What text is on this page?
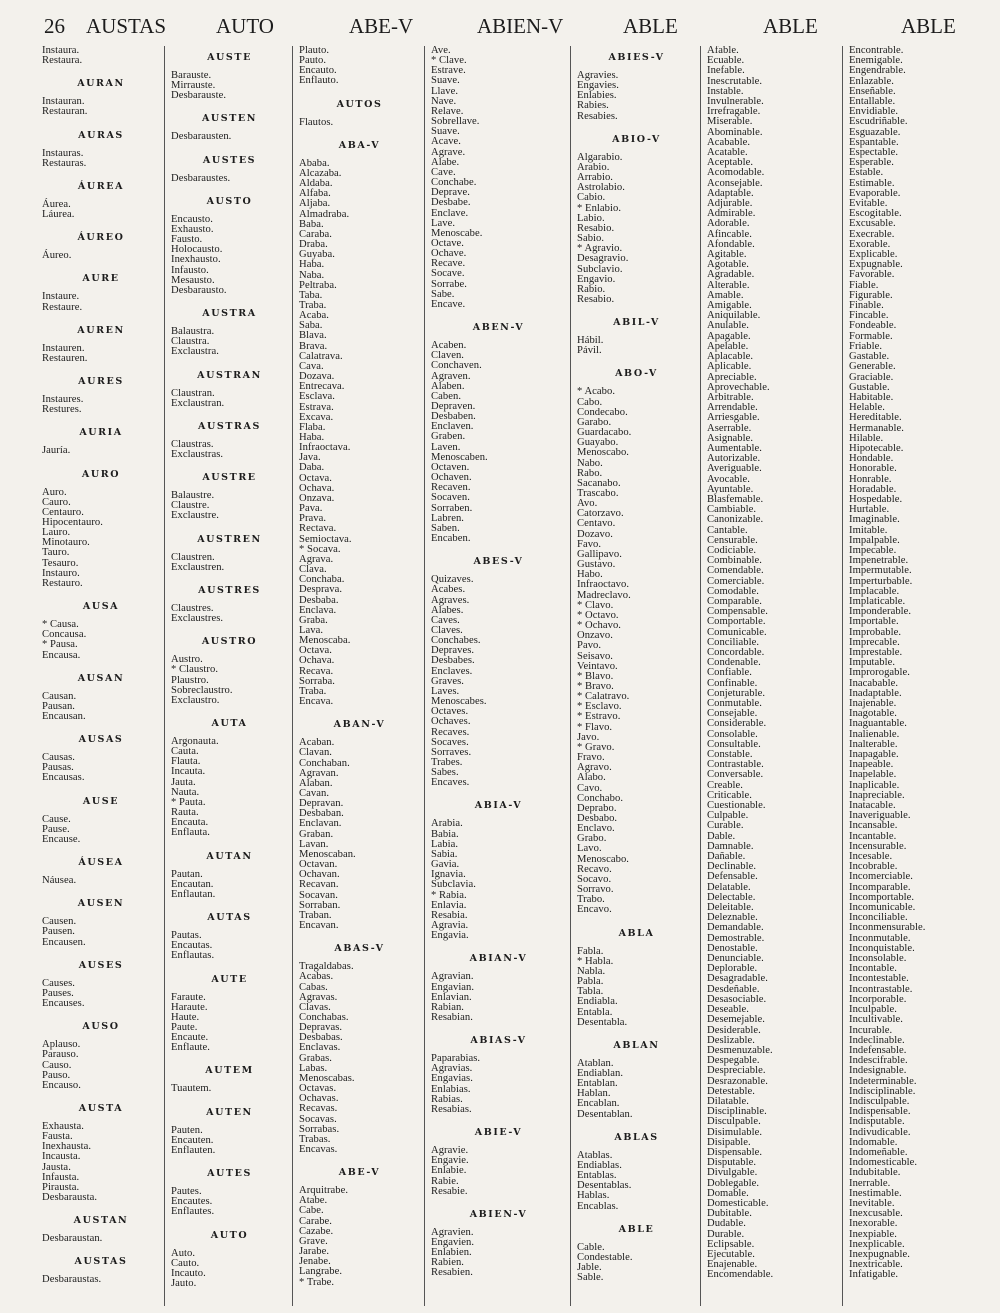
26 AUSTAS AUTO	ABE-V	ABIEN-V	ABLE	ABLE	ABLE
Instaura.
Restaura.
AURAN
Instauran.
Restauran.
AURAS
Instauras.
Restauras.
ÁUREA
Áurea.
Láurea.
ÁUREO
Áureo.
AURE
Instaure.
Restaure.
AUREN
Instauren.
Restauren.
AURES
Instaures.
Restures.
AURIA
Jauría.
AURO
Auro.
Cauro.
Centauro.
Hipocentauro.
Lauro.
Minotauro.
Tauro.
Tesauro.
Instauro.
Restauro.
AUSA
* Causa.
Concausa.
* Pausa.
Encausa.
AUSAN
Causan.
Pausan.
Encausan.
AUSAS
Causas.
Pausas.
Encausas.
AUSE
Cause.
Pause.
Encause.
ÁUSEA
Náusea.
AUSEN
Causen.
Pausen.
Encausen.
AUSES
Causes.
Pauses.
Encauses.
AUSO
Aplauso.
Parauso.
Causo.
Pauso.
Encauso.
AUSTA
Exhausta.
Fausta.
Inexhausta.
Incausta.
Jausta.
Infausta.
Pirausta.
Desbarausta.
AUSTAN
Desbaraustan.
AUSTAS
Desbaraustas.
AUSTE
Barauste.
Mirrauste.
Desbarauste.
AUSTEN
Desbarausten.
AUSTES
Desbaraustes.
AUSTO
Encausto.
Exhausto.
Fausto.
Holocausto.
Inexhausto.
Infausto.
Mesausto.
Desbarausto.
AUSTRA
Balaustra.
Claustra.
Exclaustra.
AUSTRAN
Claustran.
Exclaustran.
AUSTRAS
Claustras.
Exclaustras.
AUSTRE
Balaustre.
Claustre.
Exclaustre.
AUSTREN
Claustren.
Exclaustren.
AUSTRES
Claustres.
Exclaustres.
AUSTRO
Austro.
* Claustro.
Plaustro.
Sobreclaustro.
Exclaustro.
AUTA
Argonauta.
Cauta.
Flauta.
Incauta.
Jauta.
Nauta.
* Pauta.
Rauta.
Encauta.
Enflauta.
AUTAN
Pautan.
Encautan.
Enflautan.
AUTAS
Pautas.
Encautas.
Enflautas.
AUTE
Faraute.
Haraute.
Haute.
Paute.
Encaute.
Enflaute.
AUTEM
Tuautem.
AUTEN
Pauten.
Encauten.
Enflauten.
AUTES
Pautes.
Encautes.
Enflautes.
AUTO
Auto.
Cauto.
Incauto.
Jauto.
Plauto.
Pauto.
Encauto.
Enflauto.
AUTOS
Flautos.
ABA-V
Ababa.
Alcazaba.
Aldaba.
Alfaba.
Aljaba.
Almadraba.
Baba.
Caraba.
Draba.
Guyaba.
Haba.
Naba.
Peltraba.
Taba.
Traba.
Acaba.
Saba.
Blava.
Brava.
Calatrava.
Cava.
Dozava.
Entrecava.
Esclava.
Estrava.
Excava.
Flaba.
Haba.
Infraoctava.
Java.
Daba.
Octava.
Ochava.
Onzava.
Pava.
Prava.
Rectava.
Semioctava.
* Socava.
Agrava.
Clava.
Conchaba.
Desprava.
Desbaba.
Enclava.
Graba.
Lava.
Menoscaba.
Octava.
Ochava.
Recava.
Sorraba.
Traba.
Encava.
ABAN-V
Acaban.
Clavan.
Conchaban.
Agravan.
Alaban.
Cavan.
Depravan.
Desbaban.
Enclavan.
Graban.
Lavan.
Menoscaban.
Octavan.
Ochavan.
Recavan.
Socavan.
Sorraban.
Traban.
Encavan.
ABAS-V
Tragaldabas.
Acabas.
Cabas.
Agravas.
Clavas.
Conchabas.
Depravas.
Desbabas.
Enclavas.
Grabas.
Labas.
Menoscabas.
Octavas.
Ochavas.
Recavas.
Socavas.
Sorrabas.
Trabas.
Encavas.
ABE-V
Arquitrabe.
Atabe.
Cabe.
Carabe.
Cazabe.
Grave.
Jarabe.
Jenabe.
Langrabe.
* Trabe.
Ave.
* Clave.
Estrave.
Suave.
Llave.
Nave.
Relave.
Sobrellave.
Suave.
Acave.
Agrave.
Alabe.
Cave.
Conchabe.
Deprave.
Desbabe.
Enclave.
Lave.
Menoscabe.
Octave.
Ochave.
Recave.
Socave.
Sorrabe.
Sabe.
Encave.
ABEN-V
Acaben.
Claven.
Conchaven.
Agraven.
Alaben.
Caben.
Depraven.
Desbaben.
Enclaven.
Graben.
Laven.
Menoscaben.
Octaven.
Ochaven.
Recaven.
Socaven.
Sorraben.
Labren.
Saben.
Encaben.
ABES-V
Quizaves.
Acabes.
Agraves.
Alabes.
Caves.
Claves.
Conchabes.
Depraves.
Desbabes.
Enclaves.
Graves.
Laves.
Menoscabes.
Octaves.
Ochaves.
Recaves.
Socaves.
Sorraves.
Trabes.
Sabes.
Encaves.
ABIA-V
Arabia.
Babia.
Labia.
Sabia.
Gavia.
Ignavia.
Subclavia.
* Rabia.
Enlavia.
Resabia.
Agravia.
Engavia.
ABIAN-V
Agravian.
Engavian.
Enlavian.
Rabian.
Resabian.
ABIAS-V
Paparabias.
Agravias.
Engavias.
Enlabias.
Rabias.
Resabias.
ABIE-V
Agravie.
Engavie.
Enlabie.
Rabie.
Resabie.
ABIEN-V
Agravien.
Engavien.
Enlabien.
Rabien.
Resabien.
ABIES-V
Agravies.
Engavies.
Enlabies.
Rabies.
Resabies.
ABIO-V
Algarabio.
Arabio.
Arrabio.
Astrolabio.
Cabio.
* Enlabio.
Labio.
Resabio.
Sabio.
* Agravio.
Desagravio.
Subclavio.
Engavio.
Rabio.
Resabio.
ABIL-V
Hábil.
Pávil.
ABO-V
* Acabo.
Cabo.
Condecabo.
Garabo.
Guardacabo.
Guayabo.
Menoscabo.
Nabo.
Rabo.
Sacanabo.
Trascabo.
Avo.
Catorzavo.
Centavo.
Dozavo.
Favo.
Gallipavo.
Gustavo.
Habo.
Infraoctavo.
Madreclavo.
* Clavo.
* Octavo.
* Ochavo.
Onzavo.
Pavo.
Seisavo.
Veintavo.
* Blavo.
* Bravo.
* Calatravo.
* Esclavo.
* Estravo.
* Flavo.
Javo.
* Gravo.
Fravo.
Agravo.
Alabo.
Cavo.
Conchabo.
Deprabo.
Desbabo.
Enclavo.
Grabo.
Lavo.
Menoscabo.
Recavo.
Socavo.
Sorravo.
Trabo.
Encavo.
ABLA
Fabla.
* Habla.
Nabla.
Pabla.
Tabla.
Endiabla.
Entabla.
Desentabla.
ABLAN
Atablan.
Endiablan.
Entablan.
Hablan.
Encablan.
Desentablan.
ABLAS
Atablas.
Endiablas.
Entablas.
Desentablas.
Hablas.
Encablas.
ABLE
Cable.
Condestable.
Jable.
Sable.
Afable.
Ecuable.
Inefable.
Inescrutable.
Instable.
Invulnerable.
Irrefragable.
Miserable.
Abominable.
Acabable.
Acatable.
Aceptable.
Acomodable.
Aconsejable.
Adaptable.
Adjurable.
Admirable.
Adorable.
Afincable.
Afondable.
Agitable.
Agotable.
Agradable.
Alterable.
Amable.
Amigable.
Aniquilable.
Anulable.
Apagable.
Apelable.
Aplacable.
Aplicable.
Apreciable.
Aprovechable.
Arbitrable.
Arrendable.
Arriesgable.
Aserrable.
Asignable.
Aumentable.
Autorizable.
Averiguable.
Avocable.
Ayuntable.
Blasfemable.
Cambiable.
Canonizable.
Cantable.
Censurable.
Codiciable.
Combinable.
Comendable.
Comerciable.
Comodable.
Comparable.
Compensable.
Comportable.
Comunicable.
Conciliable.
Concordable.
Condenable.
Confiable.
Confinable.
Conjeturable.
Conmutable.
Consejable.
Considerable.
Consolable.
Consultable.
Constable.
Contrastable.
Conversable.
Creable.
Criticable.
Cuestionable.
Culpable.
Curable.
Dable.
Damnable.
Dañable.
Declinable.
Defensable.
Delatable.
Delectable.
Deleitable.
Deleznable.
Demandable.
Demostrable.
Denostable.
Denunciable.
Deplorable.
Desagradable.
Desdeñable.
Desasociable.
Deseable.
Desemejable.
Desiderable.
Deslizable.
Desmenuzable.
Despegable.
Despreciable.
Desrazonable.
Detestable.
Dilatable.
Disciplinable.
Disculpable.
Disimulable.
Disipable.
Dispensable.
Disputable.
Divulgable.
Doblegable.
Domable.
Domesticable.
Dubitable.
Dudable.
Durable.
Eclipsable.
Ejecutable.
Enajenable.
Encomendable.
Encontrable.
Enemigable.
Engendrable.
Enlazable.
Enseñable.
Entallable.
Envidiable.
Escudriñable.
Esguazable.
Espantable.
Espectable.
Esperable.
Estable.
Estimable.
Evaporable.
Evitable.
Escogitable.
Excusable.
Execrable.
Exorable.
Explicable.
Expugnable.
Favorable.
Fiable.
Figurable.
Finable.
Fincable.
Fondeable.
Formable.
Friable.
Gastable.
Generable.
Graciable.
Gustable.
Habitable.
Helable.
Hereditable.
Hermanable.
Hilable.
Hipotecable.
Hondable.
Honorable.
Honrable.
Horadable.
Hospedable.
Hurtable.
Imaginable.
Imitable.
Impalpable.
Impecable.
Impenetrable.
Impermutable.
Imperturbable.
Implacable.
Implaticable.
Imponderable.
Importable.
Improbable.
Imprecable.
Imprestable.
Imputable.
Improrogable.
Inacabable.
Inadaptable.
Inajenable.
Inagotable.
Inaguantable.
Inalienable.
Inalterable.
Inapagable.
Inapeable.
Inapelable.
Inaplicable.
Inapreciable.
Inatacable.
Inaveriguable.
Incansable.
Incantable.
Incensurable.
Incesable.
Incobrable.
Incomerciable.
Incomparable.
Incomportable.
Incomunicable.
Inconciliable.
Inconmensurable.
Inconmutable.
Inconquistable.
Inconsolable.
Incontable.
Incontestable.
Incontrastable.
Incorporable.
Inculpable.
Incultivable.
Incurable.
Indeclinable.
Indefensable.
Indescifrable.
Indesignable.
Indeterminable.
Indisciplinable.
Indisculpable.
Indispensable.
Indisputable.
Indivudicable.
Indomable.
Indomeñable.
Indomesticable.
Indubitable.
Inerrable.
Inestimable.
Inevitable.
Inexcusable.
Inexorable.
Inexpiable.
Inexplicable.
Inexpugnable.
Inextricable.
Infatigable.
